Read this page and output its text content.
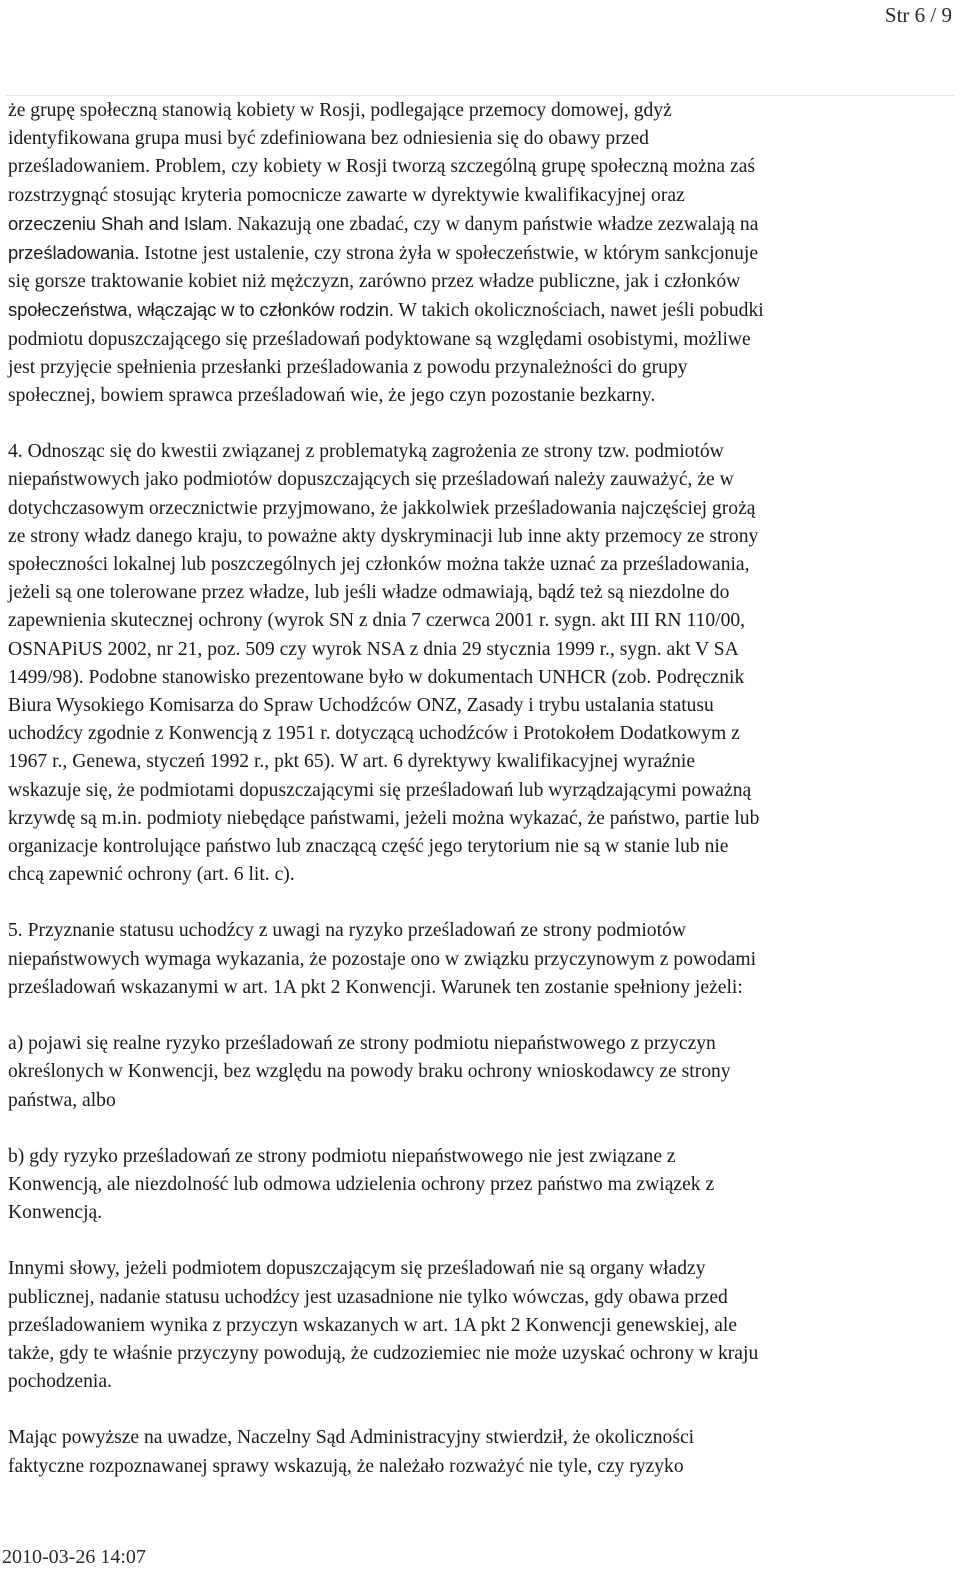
Str 6 / 9
że grupę społeczną stanowią kobiety w Rosji, podlegające przemocy domowej, gdyż
identyfikowana grupa musi być zdefiniowana bez odniesienia się do obawy przed
prześladowaniem. Problem, czy kobiety w Rosji tworzą szczególną grupę społeczną można zaś
rozstrzygnąć stosując kryteria pomocnicze zawarte w dyrektywie kwalifikacyjnej oraz
orzeczeniu Shah and Islam. Nakazują one zbadać, czy w danym państwie władze zezwalają na
prześladowania. Istotne jest ustalenie, czy strona żyła w społeczeństwie, w którym sankcjonuje
się gorsze traktowanie kobiet niż mężczyzn, zarówno przez władze publiczne, jak i członków
społeczeństwa, włączając w to członków rodzin. W takich okolicznościach, nawet jeśli pobudki
podmiotu dopuszczającego się prześladowań podyktowane są względami osobistymi, możliwe
jest przyjęcie spełnienia przesłanki prześladowania z powodu przynależności do grupy
społecznej, bowiem sprawca prześladowań wie, że jego czyn pozostanie bezkarny.
4. Odnosząc się do kwestii związanej z problematyką zagrożenia ze strony tzw. podmiotów
niepaństwowych jako podmiotów dopuszczających się prześladowań należy zauważyć, że w
dotychczasowym orzecznictwie przyjmowano, że jakkolwiek prześladowania najczęściej grożą
ze strony władz danego kraju, to poważne akty dyskryminacji lub inne akty przemocy ze strony
społeczności lokalnej lub poszczególnych jej członków można także uznać za prześladowania,
jeżeli są one tolerowane przez władze, lub jeśli władze odmawiają, bądź też są niezdolne do
zapewnienia skutecznej ochrony (wyrok SN z dnia 7 czerwca 2001 r. sygn. akt III RN 110/00,
OSNAPiUS 2002, nr 21, poz. 509 czy wyrok NSA z dnia 29 stycznia 1999 r., sygn. akt V SA
1499/98). Podobne stanowisko prezentowane było w dokumentach UNHCR (zob. Podręcznik
Biura Wysokiego Komisarza do Spraw Uchodźców ONZ, Zasady i trybu ustalania statusu
uchodźcy zgodnie z Konwencją z 1951 r. dotyczącą uchodźców i Protokołem Dodatkowym z
1967 r., Genewa, styczeń 1992 r., pkt 65). W art. 6 dyrektywy kwalifikacyjnej wyraźnie
wskazuje się, że podmiotami dopuszczającymi się prześladowań lub wyrządzającymi poważną
krzywdę są m.in. podmioty niebędące państwami, jeżeli można wykazać, że państwo, partie lub
organizacje kontrolujące państwo lub znaczącą część jego terytorium nie są w stanie lub nie
chcą zapewnić ochrony (art. 6 lit. c).
5. Przyznanie statusu uchodźcy z uwagi na ryzyko prześladowań ze strony podmiotów
niepaństwowych wymaga wykazania, że pozostaje ono w związku przyczynowym z powodami
prześladowań wskazanymi w art. 1A pkt 2 Konwencji. Warunek ten zostanie spełniony jeżeli:
a) pojawi się realne ryzyko prześladowań ze strony podmiotu niepaństwowego z przyczyn
określonych w Konwencji, bez względu na powody braku ochrony wnioskodawcy ze strony
państwa, albo
b) gdy ryzyko prześladowań ze strony podmiotu niepaństwowego nie jest związane z
Konwencją, ale niezdolność lub odmowa udzielenia ochrony przez państwo ma związek z
Konwencją.
Innymi słowy, jeżeli podmiotem dopuszczającym się prześladowań nie są organy władzy
publicznej, nadanie statusu uchodźcy jest uzasadnione nie tylko wówczas, gdy obawa przed
prześladowaniem wynika z przyczyn wskazanych w art. 1A pkt 2 Konwencji genewskiej, ale
także, gdy te właśnie przyczyny powodują, że cudzoziemiec nie może uzyskać ochrony w kraju
pochodzenia.
Mając powyższe na uwadze, Naczelny Sąd Administracyjny stwierdził, że okoliczności
faktyczne rozpoznawanej sprawy wskazują, że należało rozważyć nie tyle, czy ryzyko
2010-03-26 14:07
